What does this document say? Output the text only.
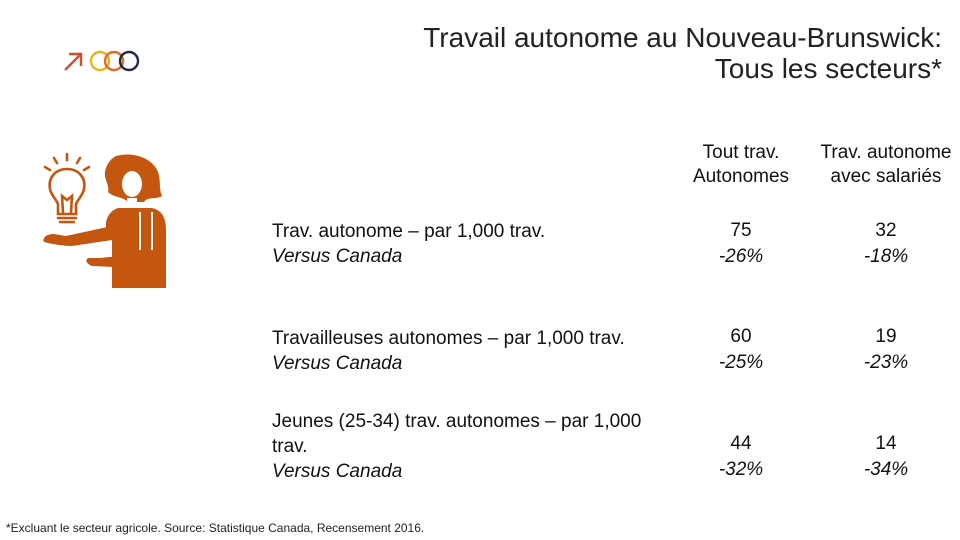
Travail autonome au Nouveau-Brunswick:
Tous les secteurs*
Tout trav.
Autonomes
Trav. autonome
avec salariés
Trav. autonome – par 1,000 trav.
Versus Canada
75
-26%
32
-18%
Travailleuses autonomes – par 1,000 trav.
Versus Canada
60
-25%
19
-23%
Jeunes (25-34) trav. autonomes – par 1,000 trav.
Versus Canada
44
-32%
14
-34%
*Excluant le secteur agricole. Source: Statistique Canada, Recensement 2016.
